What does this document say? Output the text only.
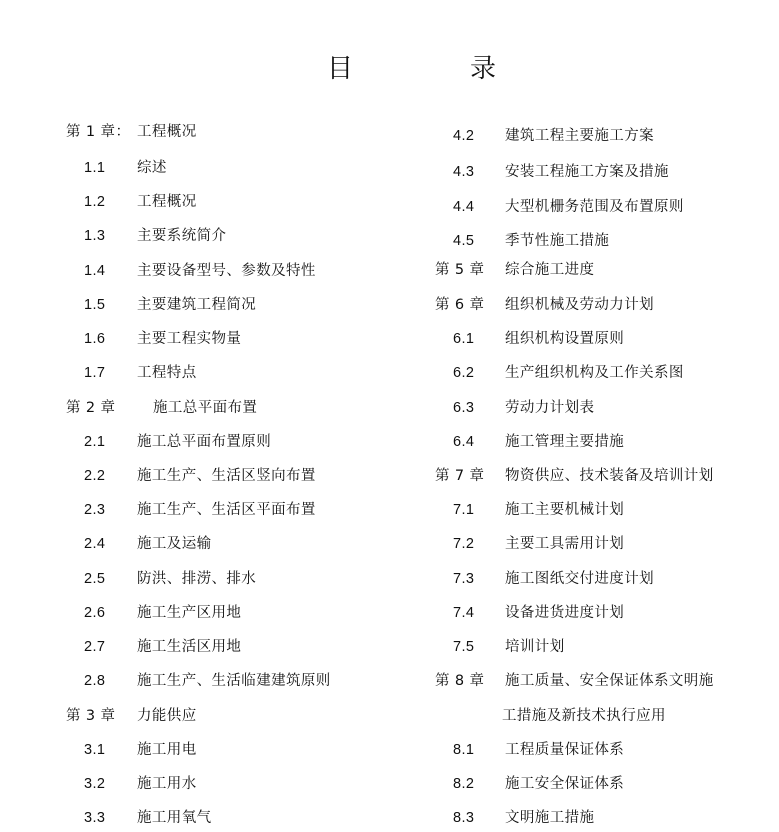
目	录
第 1 章： 工程概况
1.1 综述
1.2 工程概况
1.3 主要系统简介
1.4 主要设备型号、参数及特性
1.5 主要建筑工程简况
1.6 主要工程实物量
1.7 工程特点
第 2 章	施工总平面布置
2.1 施工总平面布置原则
2.2 施工生产、生活区竖向布置
2.3 施工生产、生活区平面布置
2.4 施工及运输
2.5 防洪、排涝、排水
2.6 施工生产区用地
2.7 施工生活区用地
2.8 施工生产、生活临建建筑原则
第 3 章 力能供应
3.1 施工用电
3.2 施工用水
3.3 施工用氧气
4.2 建筑工程主要施工方案
4.3 安装工程施工方案及措施
4.4 大型机栅务范围及布置原则
4.5 季节性施工措施
第 5 章 综合施工进度
第 6 章 组织机械及劳动力计划
6.1 组织机构设置原则
6.2 生产组织机构及工作关系图
6.3 劳动力计划表
6.4 施工管理主要措施
第 7 章 物资供应、技术装备及培训计划
7.1 施工主要机械计划
7.2 主要工具需用计划
7.3 施工图纸交付进度计划
7.4 设备进货进度计划
7.5 培训计划
第 8 章 施工质量、安全保证体系文明施
工措施及新技术执行应用
8.1 工程质量保证体系
8.2 施工安全保证体系
8.3 文明施工措施
